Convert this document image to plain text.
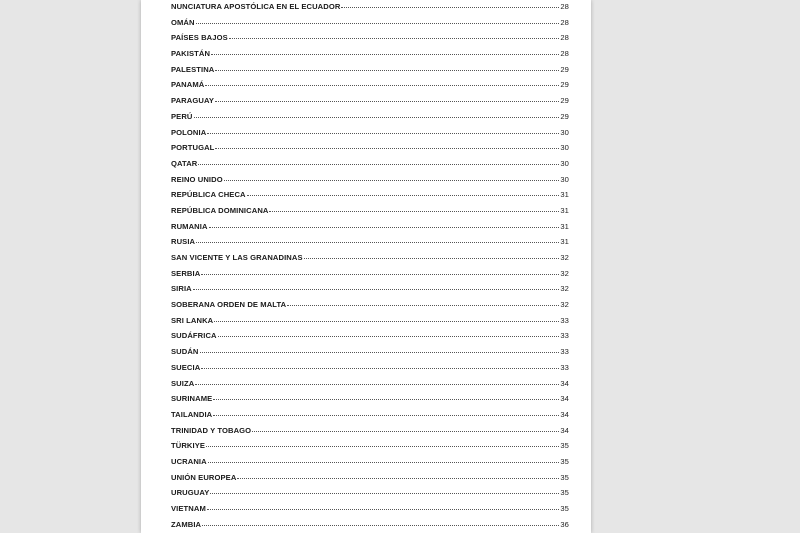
NUNCIATURA APOSTÓLICA EN EL ECUADOR	28
OMÁN	28
PAÍSES BAJOS	28
PAKISTÁN	28
PALESTINA	29
PANAMÁ	29
PARAGUAY	29
PERÚ	29
POLONIA	30
PORTUGAL	30
QATAR	30
REINO UNIDO	30
REPÚBLICA CHECA	31
REPÚBLICA DOMINICANA	31
RUMANIA	31
RUSIA	31
SAN VICENTE Y LAS GRANADINAS	32
SERBIA	32
SIRIA	32
SOBERANA ORDEN DE MALTA	32
SRI LANKA	33
SUDÁFRICA	33
SUDÁN	33
SUECIA	33
SUIZA	34
SURINAME	34
TAILANDIA	34
TRINIDAD Y TOBAGO	34
TÜRKIYE	35
UCRANIA	35
UNIÓN EUROPEA	35
URUGUAY	35
VIETNAM	35
ZAMBIA	36
